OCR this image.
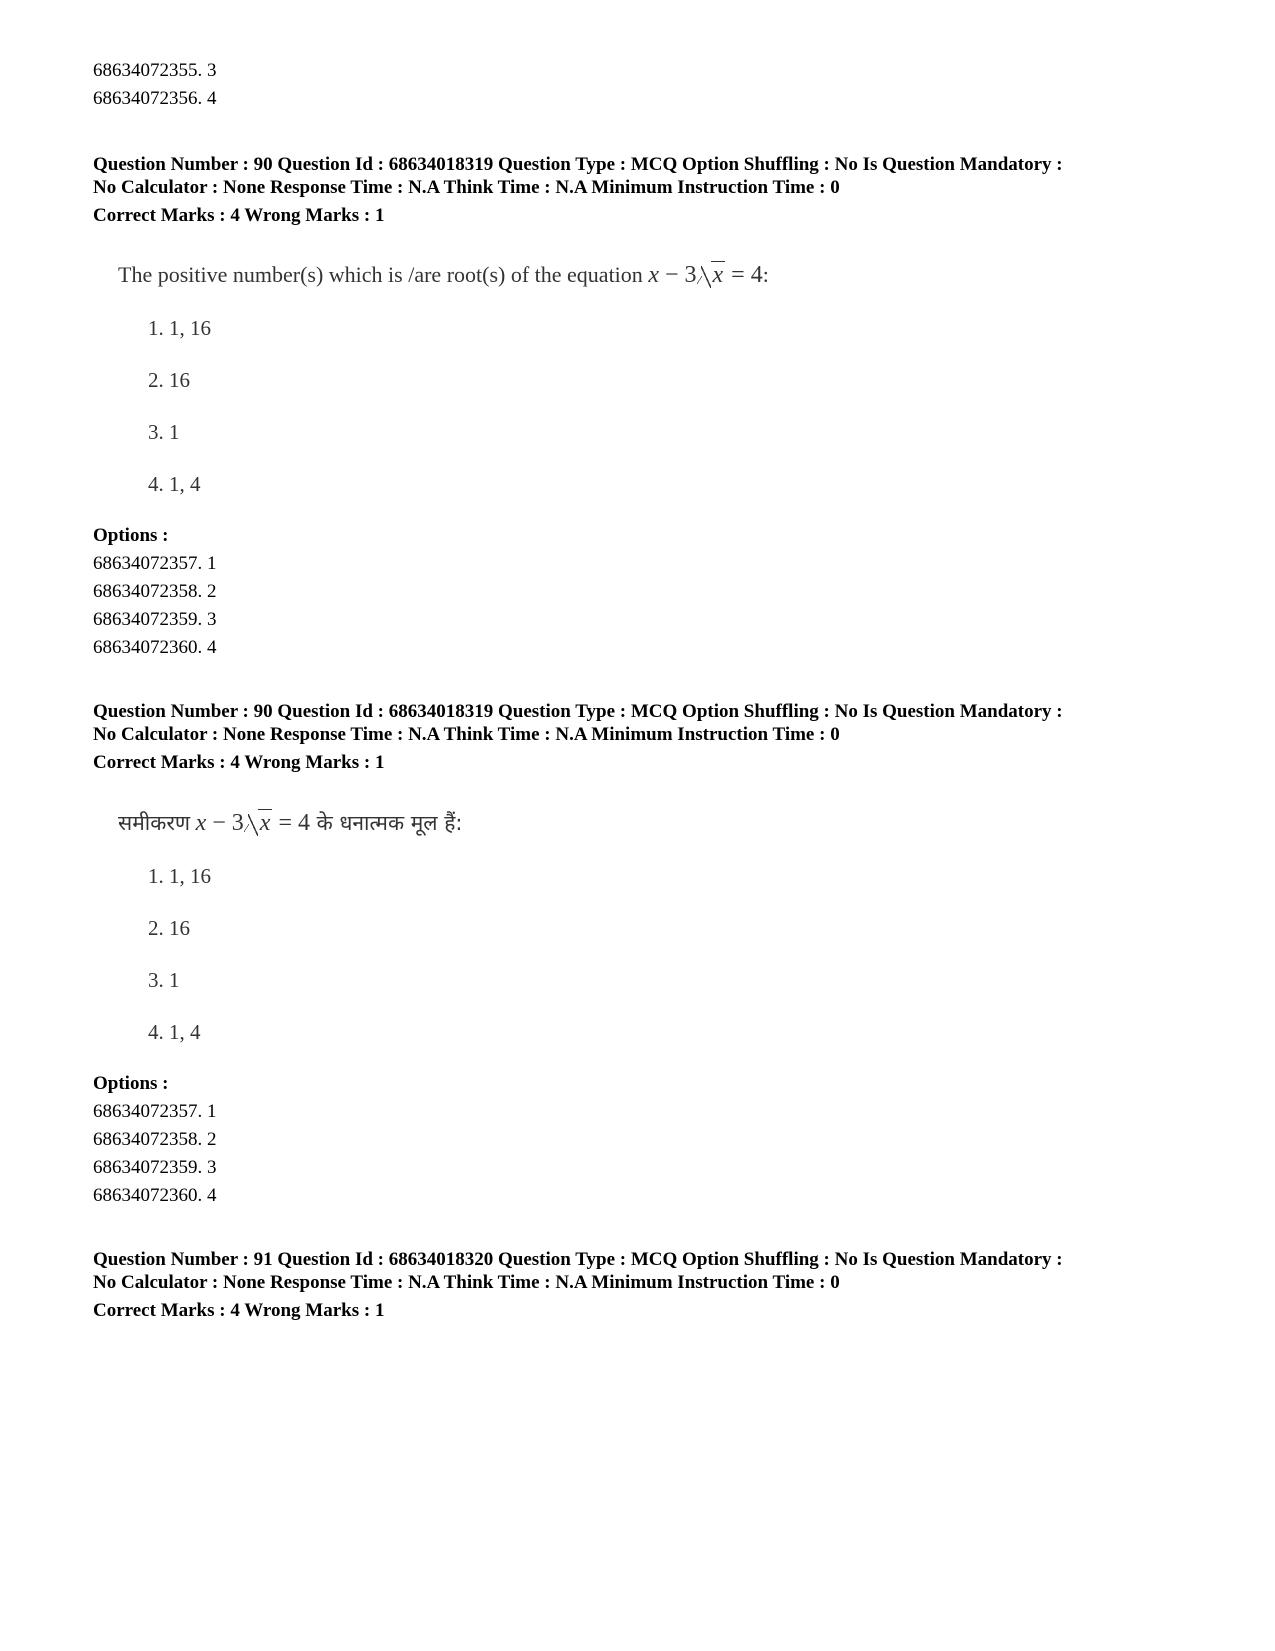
68634072355. 3
68634072356. 4
Question Number : 90 Question Id : 68634018319 Question Type : MCQ Option Shuffling : No Is Question Mandatory :
No Calculator : None Response Time : N.A Think Time : N.A Minimum Instruction Time : 0
Correct Marks : 4 Wrong Marks : 1
The positive number(s) which is /are root(s) of the equation x − 3 x = 4:
1. 1, 16
2. 16
3. 1
4. 1, 4
Options :
68634072357. 1
68634072358. 2
68634072359. 3
68634072360. 4
Question Number : 90 Question Id : 68634018319 Question Type : MCQ Option Shuffling : No Is Question Mandatory :
No Calculator : None Response Time : N.A Think Time : N.A Minimum Instruction Time : 0
Correct Marks : 4 Wrong Marks : 1
समीकरण x − 3 x = 4 के धनात्मक मूल हैं:
1. 1, 16
2. 16
3. 1
4. 1, 4
Options :
68634072357. 1
68634072358. 2
68634072359. 3
68634072360. 4
Question Number : 91 Question Id : 68634018320 Question Type : MCQ Option Shuffling : No Is Question Mandatory :
No Calculator : None Response Time : N.A Think Time : N.A Minimum Instruction Time : 0
Correct Marks : 4 Wrong Marks : 1
